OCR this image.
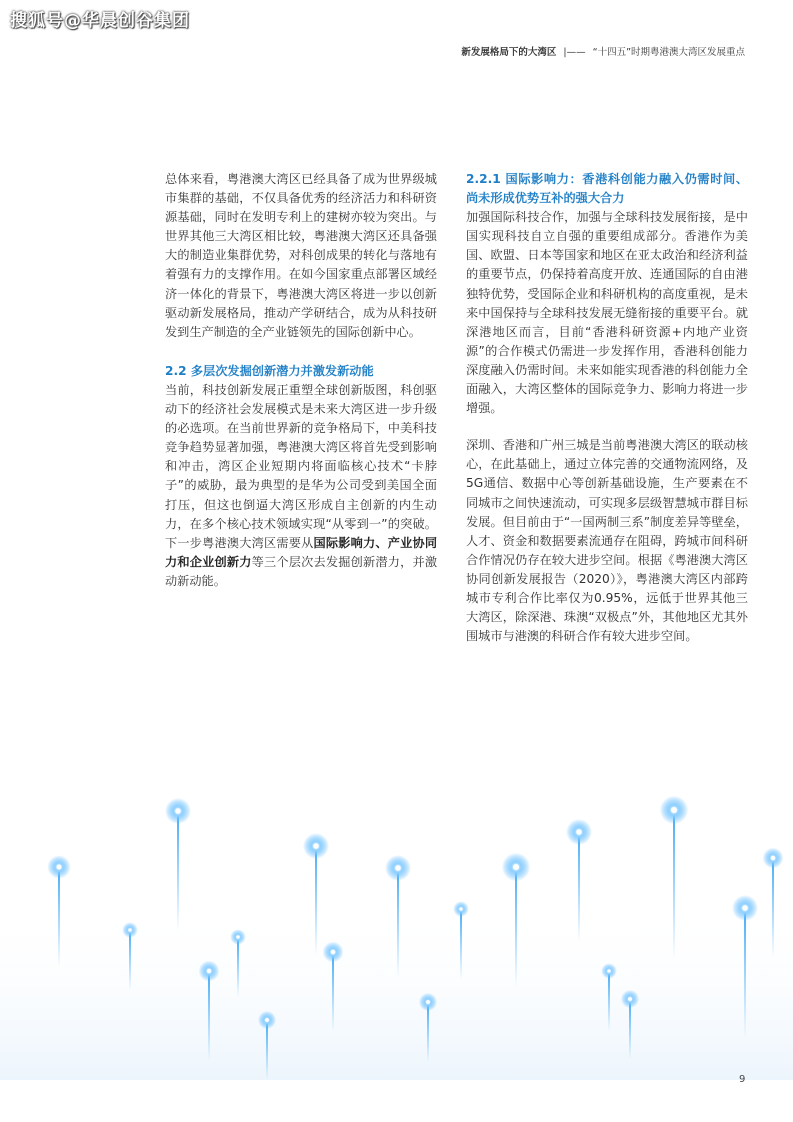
搜狐号@华晨创谷集团
新发展格局下的大湾区 |—— “十四五”时期粤港澳大湾区发展重点

总体来看，粤港澳大湾区已经具备了成为世界级城市集群的基础，不仅具备优秀的经济活力和科研资源基础，同时在发明专利上的建树亦较为突出。与世界其他三大湾区相比较，粤港澳大湾区还具备强大的制造业集群优势，对科创成果的转化与落地有着强有力的支撑作用。在如今国家重点部署区域经济一体化的背景下，粤港澳大湾区将进一步以创新驱动新发展格局，推动产学研结合，成为从科技研发到生产制造的全产业链领先的国际创新中心。

2.2 多层次发掘创新潜力并激发新动能

当前，科技创新发展正重塑全球创新版图，科创驱动下的经济社会发展模式是未来大湾区进一步升级的必选项。在当前世界新的竞争格局下，中美科技竞争趋势显著加强，粤港澳大湾区将首先受到影响和冲击，湾区企业短期内将面临核心技术“卡脖子”的威胁，最为典型的是华为公司受到美国全面打压，但这也倒逼大湾区形成自主创新的内生动力，在多个核心技术领域实现“从零到一”的突破。下一步粤港澳大湾区需要从国际影响力、产业协同力和企业创新力等三个层次去发掘创新潜力，并激动新动能。

2.2.1 国际影响力：香港科创能力融入仍需时间、尚未形成优势互补的强大合力

加强国际科技合作，加强与全球科技发展衔接，是中国实现科技自立自强的重要组成部分。香港作为美国、欧盟、日本等国家和地区在亚太政治和经济利益的重要节点，仍保持着高度开放、连通国际的自由港独特优势，受国际企业和科研机构的高度重视，是未来中国保持与全球科技发展无缝衔接的重要平台。就深港地区而言，目前“香港科研资源+内地产业资源”的合作模式仍需进一步发挥作用，香港科创能力深度融入仍需时间。未来如能实现香港的科创能力全面融入，大湾区整体的国际竞争力、影响力将进一步增强。

深圳、香港和广州三城是当前粤港澳大湾区的联动核心，在此基础上，通过立体完善的交通物流网络，及5G通信、数据中心等创新基础设施，生产要素在不同城市之间快速流动，可实现多层级智慧城市群目标发展。但目前由于“一国两制三系”制度差异等壁垒，人才、资金和数据要素流通存在阻碍，跨城市间科研合作情况仍存在较大进步空间。根据《粤港澳大湾区协同创新发展报告（2020）》，粤港澳大湾区内部跨城市专利合作比率仅为0.95%，远低于世界其他三大湾区，除深港、珠澳“双极点”外，其他地区尤其外围城市与港澳的科研合作有较大进步空间。

9
